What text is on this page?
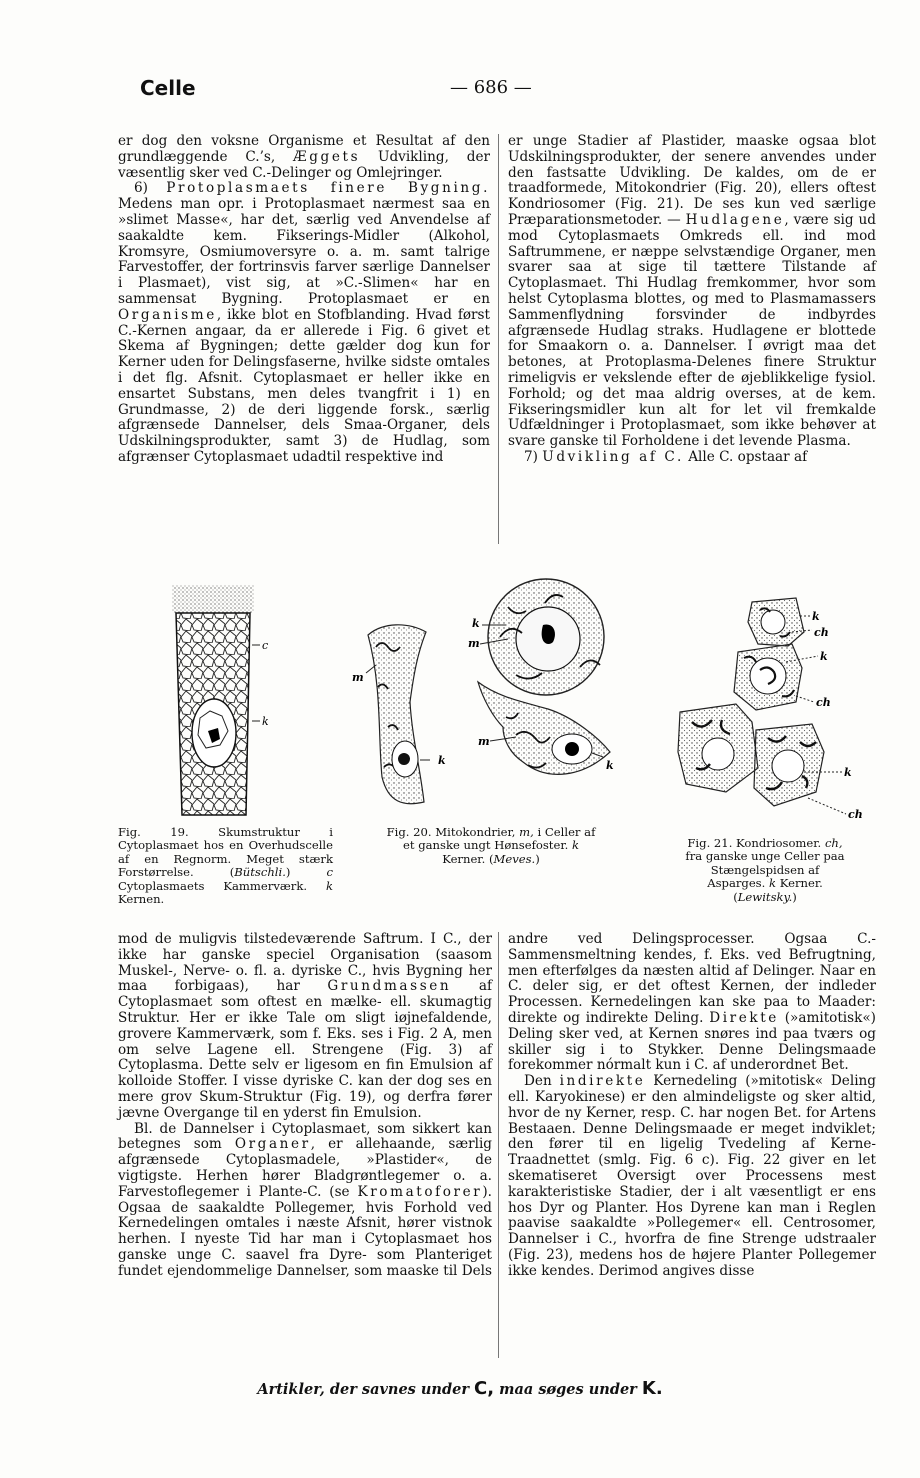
Celle	— 686 —

er dog den voksne Organisme et Resultat af den grundlæggende C.’s, Æggets Udvikling, der væsentlig sker ved C.-Delinger og Omlejringer.

6) Protoplasmaets finere Bygning. Medens man opr. i Protoplasmaet nærmest saa en »slimet Masse«, har det, særlig ved Anvendelse af saakaldte kem. Fikserings-Midler (Alkohol, Kromsyre, Osmiumoversyre o. a. m. samt talrige Farvestoffer, der fortrinsvis farver særlige Dannelser i Plasmaet), vist sig, at »C.-Slimen« har en sammensat Bygning. Protoplasmaet er en Organisme, ikke blot en Stofblanding. Hvad først C.-Kernen angaar, da er allerede i Fig. 6 givet et Skema af Bygningen; dette gælder dog kun for Kerner uden for Delingsfaserne, hvilke sidste omtales i det flg. Afsnit. Cytoplasmaet er heller ikke en ensartet Substans, men deles tvangfrit i 1) en Grundmasse, 2) de deri liggende forsk., særlig afgrænsede Dannelser, dels Smaa-Organer, dels Udskilningsprodukter, samt 3) de Hudlag, som afgrænser Cytoplasmaet udadtil respektive ind

er unge Stadier af Plastider, maaske ogsaa blot Udskilningsprodukter, der senere anvendes under den fastsatte Udvikling. De kaldes, om de er traadformede, Mitokondrier (Fig. 20), ellers oftest Kondriosomer (Fig. 21). De ses kun ved særlige Præparationsmetoder. — Hudlagene, være sig ud mod Cytoplasmaets Omkreds ell. ind mod Saftrummene, er næppe selvstændige Organer, men svarer saa at sige til tættere Tilstande af Cytoplasmaet. Thi Hudlag fremkommer, hvor som helst Cytoplasma blottes, og med to Plasmamassers Sammenflydning forsvinder de indbyrdes afgrænsede Hudlag straks. Hudlagene er blottede for Smaakorn o. a. Dannelser. I øvrigt maa det betones, at Protoplasma-Delenes finere Struktur rimeligvis er vekslende efter de øjeblikkelige fysiol. Forhold; og det maa aldrig overses, at de kem. Fikseringsmidler kun alt for let vil fremkalde Udfældninger i Protoplasmaet, som ikke behøver at svare ganske til Forholdene i det levende Plasma.

7) Udvikling af C. Alle C. opstaar af

c
k
k
m
m
m
k	k
k
ch
k
ch
k
ch

Fig. 19. Skumstruktur i Cytoplasmaet hos en Overhudscelle af en Regnorm. Meget stærk Forstørrelse. (Bütschli.) c Cytoplasmaets Kammerværk. k Kernen.

Fig. 20. Mitokondrier, m, i Celler af et ganske ungt Hønsefoster. k Kerner. (Meves.)

Fig. 21. Kondriosomer. ch, fra ganske unge Celler paa Stængelspidsen af Asparges. k Kerner. (Lewitsky.)

mod de muligvis tilstedeværende Saftrum. I C., der ikke har ganske speciel Organisation (saasom Muskel-, Nerve- o. fl. a. dyriske C., hvis Bygning her maa forbigaas), har Grundmassen af Cytoplasmaet som oftest en mælke- ell. skumagtig Struktur. Her er ikke Tale om sligt iøjnefaldende, grovere Kammerværk, som f. Eks. ses i Fig. 2 A, men om selve Lagene ell. Strengene (Fig. 3) af Cytoplasma. Dette selv er ligesom en fin Emulsion af kolloide Stoffer. I visse dyriske C. kan der dog ses en mere grov Skum-Struktur (Fig. 19), og derfra fører jævne Overgange til en yderst fin Emulsion.

Bl. de Dannelser i Cytoplasmaet, som sikkert kan betegnes som Organer, er allehaande, særlig afgrænsede Cytoplasmadele, »Plastider«, de vigtigste. Herhen hører Bladgrøntlegemer o. a. Farvestoflegemer i Plante-C. (se Kromatoforer). Ogsaa de saakaldte Pollegemer, hvis Forhold ved Kernedelingen omtales i næste Afsnit, hører vistnok herhen. I nyeste Tid har man i Cytoplasmaet hos ganske unge C. saavel fra Dyre- som Planteriget fundet ejendommelige Dannelser, som maaske til Dels

andre ved Delingsprocesser. Ogsaa C.-Sammensmeltning kendes, f. Eks. ved Befrugtning, men efterfølges da næsten altid af Delinger. Naar en C. deler sig, er det oftest Kernen, der indleder Processen. Kernedelingen kan ske paa to Maader: direkte og indirekte Deling. Direkte (»amitotisk«) Deling sker ved, at Kernen snøres ind paa tværs og skiller sig i to Stykker. Denne Delingsmaade forekommer nórmalt kun i C. af underordnet Bet.

Den indirekte Kernedeling (»mitotisk« Deling ell. Karyokinese) er den almindeligste og sker altid, hvor de ny Kerner, resp. C. har nogen Bet. for Artens Bestaaen. Denne Delingsmaade er meget indviklet; den fører til en ligelig Tvedeling af Kerne-Traadnettet (smlg. Fig. 6 c). Fig. 22 giver en let skematiseret Oversigt over Processens mest karakteristiske Stadier, der i alt væsentligt er ens hos Dyr og Planter. Hos Dyrene kan man i Reglen paavise saakaldte »Pollegemer« ell. Centrosomer, Dannelser i C., hvorfra de fine Strenge udstraaler (Fig. 23), medens hos de højere Planter Pollegemer ikke kendes. Derimod angives disse

Artikler, der savnes under C, maa søges under K.
